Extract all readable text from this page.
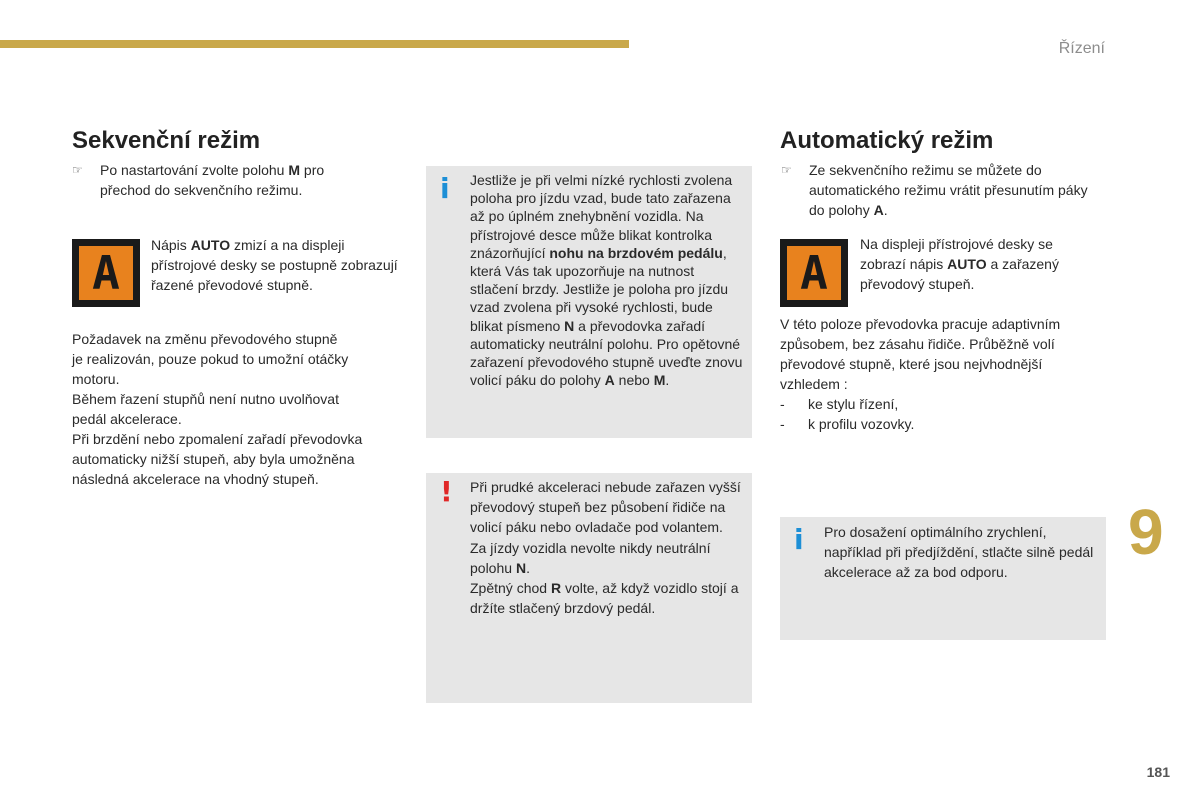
Řízení
9
181
Sekvenční režim
☞ Po nastartování zvolte polohu M pro přechod do sekvenčního režimu.

A

Nápis AUTO zmizí a na displeji přístrojové desky se postupně zobrazují řazené převodové stupně.

Požadavek na změnu převodového stupně
je realizován, pouze pokud to umožní otáčky
motoru.
Během řazení stupňů není nutno uvolňovat
pedál akcelerace.
Při brzdění nebo zpomalení zařadí převodovka
automaticky nižší stupeň, aby byla umožněna
následná akcelerace na vhodný stupeň.
i Jestliže je při velmi nízké rychlosti zvolena poloha pro jízdu vzad, bude tato zařazena až po úplném znehybnění vozidla. Na přístrojové desce může blikat kontrolka znázorňující nohu na brzdovém pedálu, která Vás tak upozorňuje na nutnost stlačení brzdy. Jestliže je poloha pro jízdu vzad zvolena při vysoké rychlosti, bude blikat písmeno N a převodovka zařadí automaticky neutrální polohu. Pro opětovné zařazení převodového stupně uveďte znovu volicí páku do polohy A nebo M.
! Při prudké akceleraci nebude zařazen vyšší převodový stupeň bez působení řidiče na volicí páku nebo ovladače pod volantem.

Za jízdy vozidla nevolte nikdy neutrální polohu N.

Zpětný chod R volte, až když vozidlo stojí a držíte stlačený brzdový pedál.

Automatický režim
☞ Ze sekvenčního režimu se můžete do automatického režimu vrátit přesunutím páky do polohy A.

A

Na displeji přístrojové desky se zobrazí nápis AUTO a zařazený převodový stupeň.

V této poloze převodovka pracuje adaptivním
způsobem, bez zásahu řidiče. Průběžně volí
převodové stupně, které jsou nejvhodnější
vzhledem :
- ke stylu řízení,
- k profilu vozovky.
i Pro dosažení optimálního zrychlení, například při předjíždění, stlačte silně pedál akcelerace až za bod odporu.
